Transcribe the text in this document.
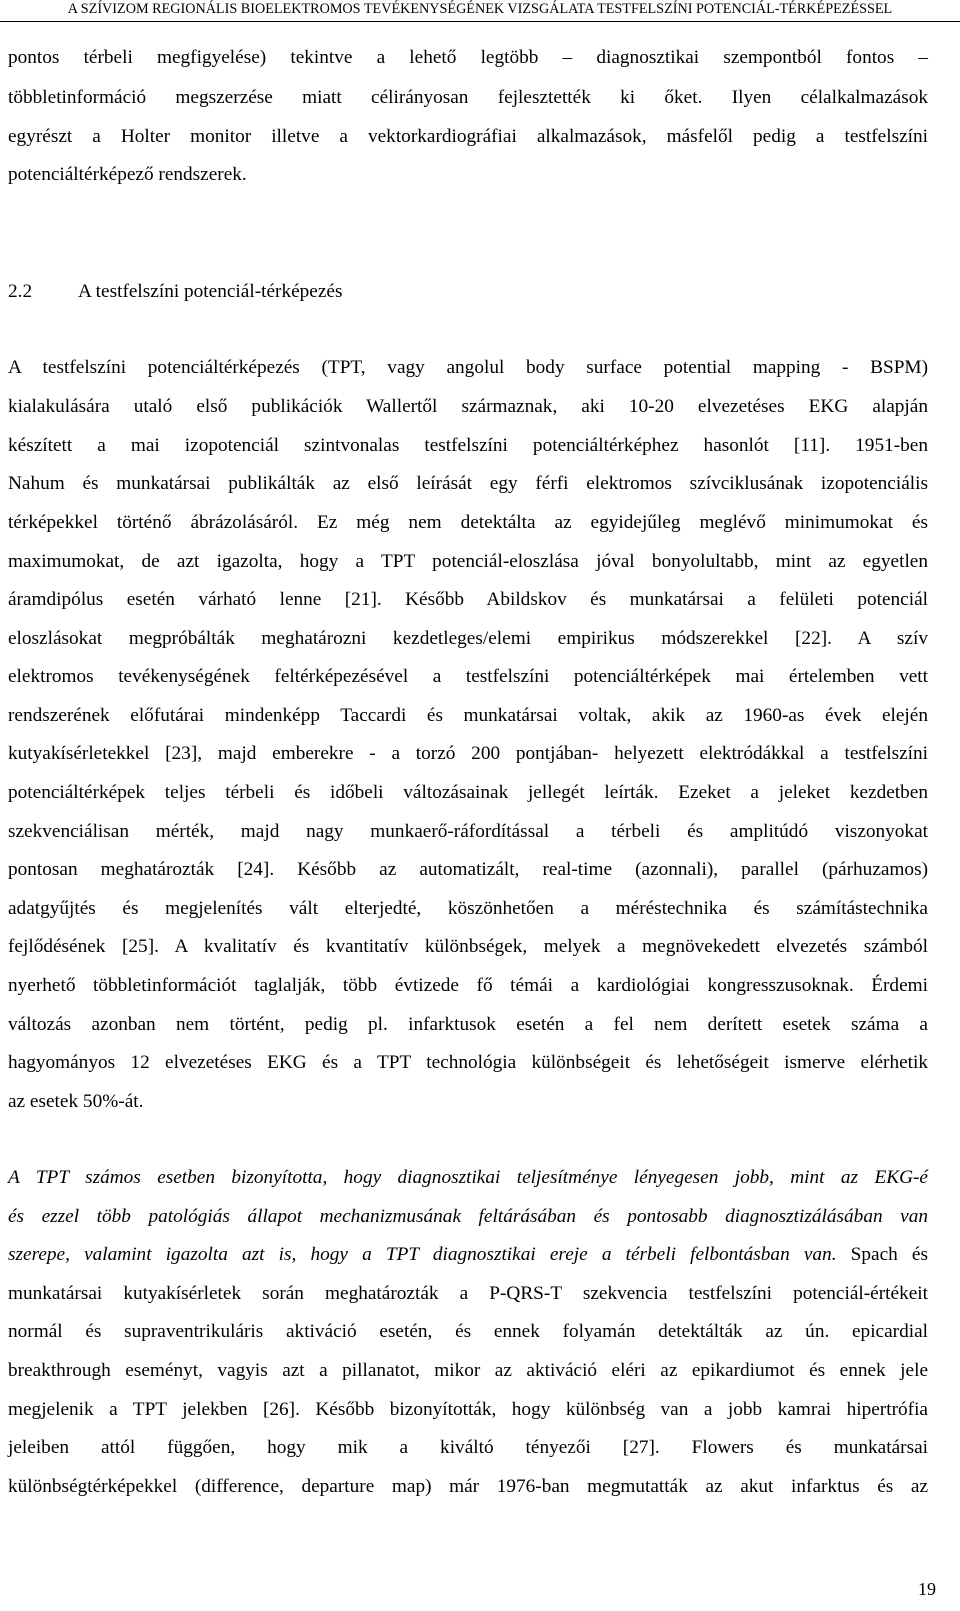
A SZÍVIZOM REGIONÁLIS BIOELEKTROMOS TEVÉKENYSÉGÉNEK VIZSGÁLATA TESTFELSZÍNI POTENCIÁL-TÉRKÉPEZÉSSEL
pontos térbeli megfigyelése) tekintve a lehető legtöbb – diagnosztikai szempontból fontos –
többletinformáció megszerzése miatt célirányosan fejlesztették ki őket. Ilyen célalkalmazások
egyrészt a Holter monitor illetve a vektorkardiográfiai alkalmazások, másfelől pedig a testfelszíni
potenciáltérképező rendszerek.
2.2 A testfelszíni potenciál-térképezés
A testfelszíni potenciáltérképezés (TPT, vagy angolul body surface potential mapping - BSPM)
kialakulására utaló első publikációk Wallertől származnak, aki 10-20 elvezetéses EKG alapján
készített a mai izopotenciál szintvonalas testfelszíni potenciáltérképhez hasonlót [11]. 1951-ben
Nahum és munkatársai publikálták az első leírását egy férfi elektromos szívciklusának izopotenciális
térképekkel történő ábrázolásáról. Ez még nem detektálta az egyidejűleg meglévő minimumokat és
maximumokat, de azt igazolta, hogy a TPT potenciál-eloszlása jóval bonyolultabb, mint az egyetlen
áramdipólus esetén várható lenne [21]. Később Abildskov és munkatársai a felületi potenciál
eloszlásokat megpróbálták meghatározni kezdetleges/elemi empirikus módszerekkel [22]. A szív
elektromos tevékenységének feltérképezésével a testfelszíni potenciáltérképek mai értelemben vett
rendszerének előfutárai mindenképp Taccardi és munkatársai voltak, akik az 1960-as évek elején
kutyakísérletekkel [23], majd emberekre - a torzó 200 pontjában- helyezett elektródákkal a testfelszíni
potenciáltérképek teljes térbeli és időbeli változásainak jellegét leírták. Ezeket a jeleket kezdetben
szekvenciálisan mérték, majd nagy munkaerő-ráfordítással a térbeli és amplitúdó viszonyokat
pontosan meghatározták [24]. Később az automatizált, real-time (azonnali), parallel (párhuzamos)
adatgyűjtés és megjelenítés vált elterjedté, köszönhetően a méréstechnika és számítástechnika
fejlődésének [25]. A kvalitatív és kvantitatív különbségek, melyek a megnövekedett elvezetés számból
nyerhető többletinformációt taglalják, több évtizede fő témái a kardiológiai kongresszusoknak. Érdemi
változás azonban nem történt, pedig pl. infarktusok esetén a fel nem derített esetek száma a
hagyományos 12 elvezetéses EKG és a TPT technológia különbségeit és lehetőségeit ismerve elérhetik
az esetek 50%-át.
A TPT számos esetben bizonyította, hogy diagnosztikai teljesítménye lényegesen jobb, mint az EKG-é
és ezzel több patológiás állapot mechanizmusának feltárásában és pontosabb diagnosztizálásában van
szerepe, valamint igazolta azt is, hogy a TPT diagnosztikai ereje a térbeli felbontásban van. Spach és
munkatársai kutyakísérletek során meghatározták a P-QRS-T szekvencia testfelszíni potenciál-értékeit
normál és supraventrikuláris aktiváció esetén, és ennek folyamán detektálták az ún. epicardial
breakthrough eseményt, vagyis azt a pillanatot, mikor az aktiváció eléri az epikardiumot és ennek jele
megjelenik a TPT jelekben [26]. Később bizonyították, hogy különbség van a jobb kamrai hipertrófia
jeleiben attól függően, hogy mik a kiváltó tényezői [27]. Flowers és munkatársai
különbségtérképekkel (difference, departure map) már 1976-ban megmutatták az akut infarktus és az
19
